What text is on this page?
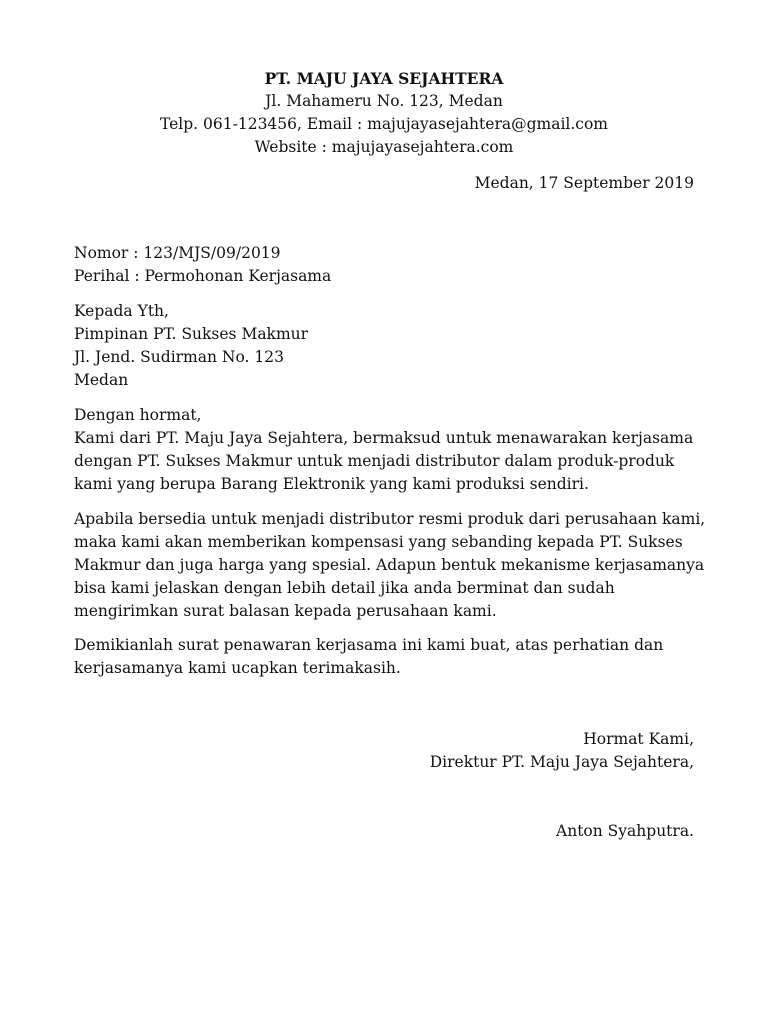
PT. MAJU JAYA SEJAHTERA
Jl. Mahameru No. 123, Medan
Telp. 061-123456, Email : majujayasejahtera@gmail.com
Website : majujayasejahtera.com
Medan, 17 September 2019
Nomor : 123/MJS/09/2019
Perihal : Permohonan Kerjasama
Kepada Yth,
Pimpinan PT. Sukses Makmur
Jl. Jend. Sudirman No. 123
Medan
Dengan hormat,
Kami dari PT. Maju Jaya Sejahtera, bermaksud untuk menawarakan kerjasama
dengan PT. Sukses Makmur untuk menjadi distributor dalam produk-produk
kami yang berupa Barang Elektronik yang kami produksi sendiri.
Apabila bersedia untuk menjadi distributor resmi produk dari perusahaan kami,
maka kami akan memberikan kompensasi yang sebanding kepada PT. Sukses
Makmur dan juga harga yang spesial. Adapun bentuk mekanisme kerjasamanya
bisa kami jelaskan dengan lebih detail jika anda berminat dan sudah
mengirimkan surat balasan kepada perusahaan kami.
Demikianlah surat penawaran kerjasama ini kami buat, atas perhatian dan
kerjasamanya kami ucapkan terimakasih.
Hormat Kami,
Direktur PT. Maju Jaya Sejahtera,
Anton Syahputra.
